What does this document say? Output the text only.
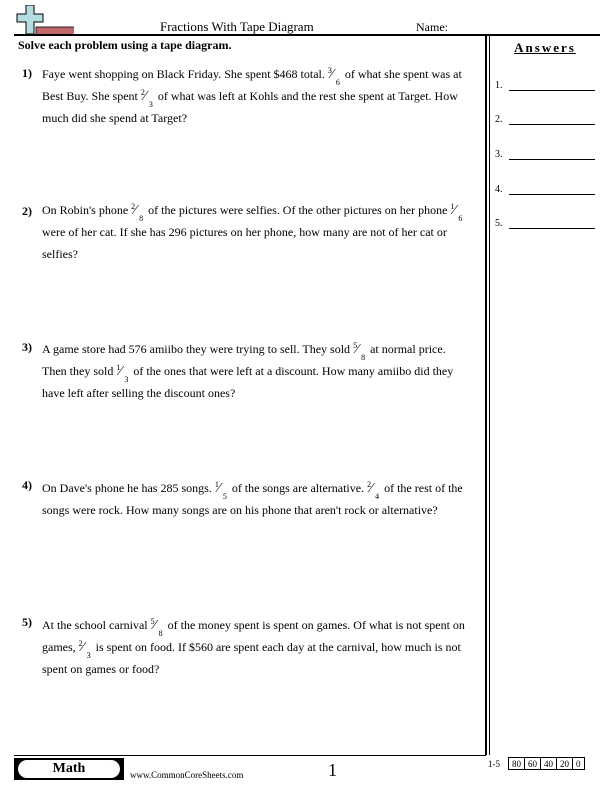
Fractions With Tape Diagram	Name:
Solve each problem using a tape diagram.	Answers
1.
2.
3.
4.
5.
1) Faye went shopping on Black Friday. She spent $468 total. 3 ⁄
6
of what she spent was at Best Buy. She spent 2 ⁄
3
of what was left at Kohls and the rest she spent at Target. How much did she spend at Target?
2) On Robin's phone 2 ⁄
8
of the pictures were selfies. Of the other pictures on her phone 1 ⁄
6
were of her cat. If she has 296 pictures on her phone, how many are not of her cat or selfies?
3) A game store had 576 amiibo they were trying to sell. They sold 5 ⁄
8
at normal price. Then they sold 1 ⁄
3
of the ones that were left at a discount. How many amiibo did they have left after selling the discount ones?
4) On Dave's phone he has 285 songs. 1 ⁄
5
of the songs are alternative. 2 ⁄
4
of the rest of the songs were rock. How many songs are on his phone that aren't rock or alternative?
5) At the school carnival 5 ⁄
8
of the money spent is spent on games. Of what is not spent on games, 2 ⁄
3
is spent on food. If $560 are spent each day at the carnival, how much is not spent on games or food?
Math	www.CommonCoreSheets.com	1	1-5 80	60	40	20	0
